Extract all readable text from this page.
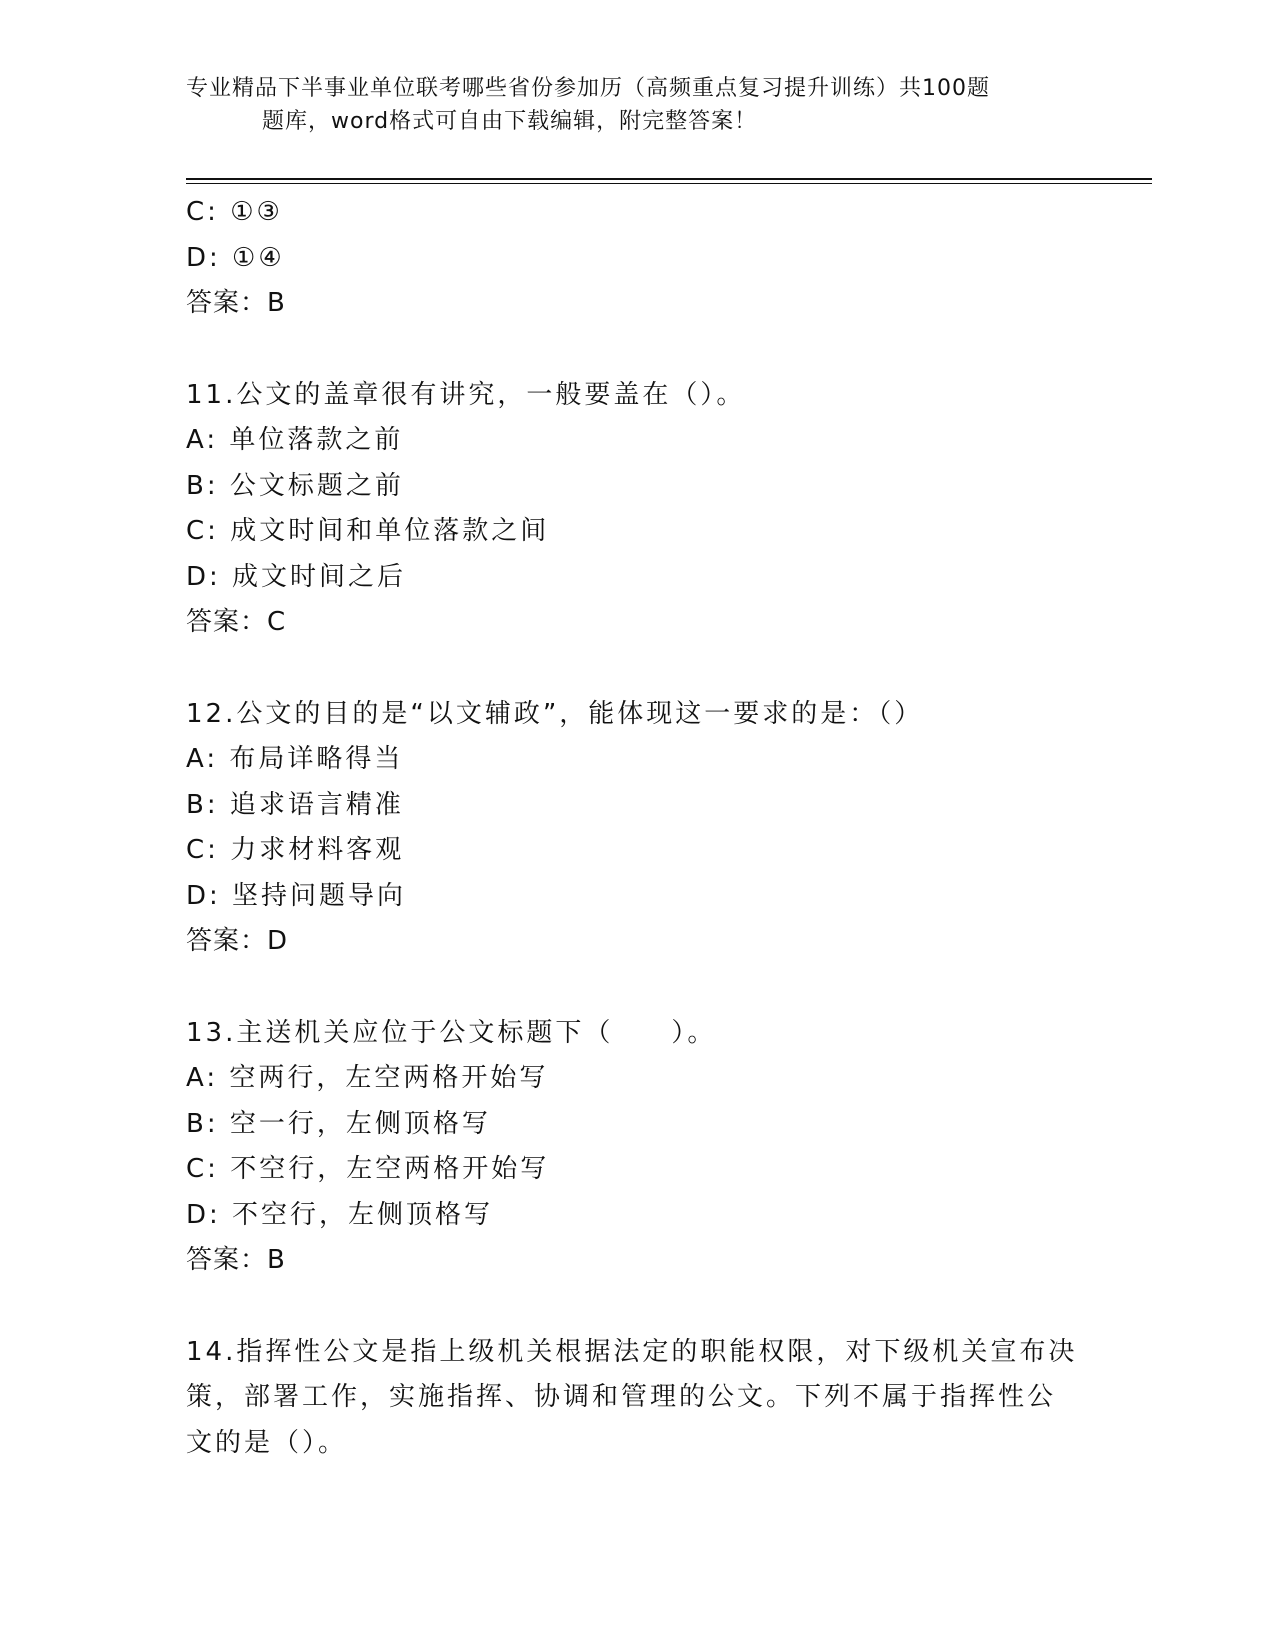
专业精品下半事业单位联考哪些省份参加历（高频重点复习提升训练）共100题
题库，word格式可自由下载编辑，附完整答案！
C: ①③
D: ①④
答案：B
11.公文的盖章很有讲究，一般要盖在（）。
A: 单位落款之前
B: 公文标题之前
C: 成文时间和单位落款之间
D: 成文时间之后
答案：C
12.公文的目的是“以文辅政”，能体现这一要求的是：（）
A: 布局详略得当
B: 追求语言精准
C: 力求材料客观
D: 坚持问题导向
答案：D
13.主送机关应位于公文标题下（　　）。
A: 空两行，左空两格开始写
B: 空一行，左侧顶格写
C: 不空行，左空两格开始写
D: 不空行，左侧顶格写
答案：B
14.指挥性公文是指上级机关根据法定的职能权限，对下级机关宣布决
策，部署工作，实施指挥、协调和管理的公文。下列不属于指挥性公
文的是（）。
